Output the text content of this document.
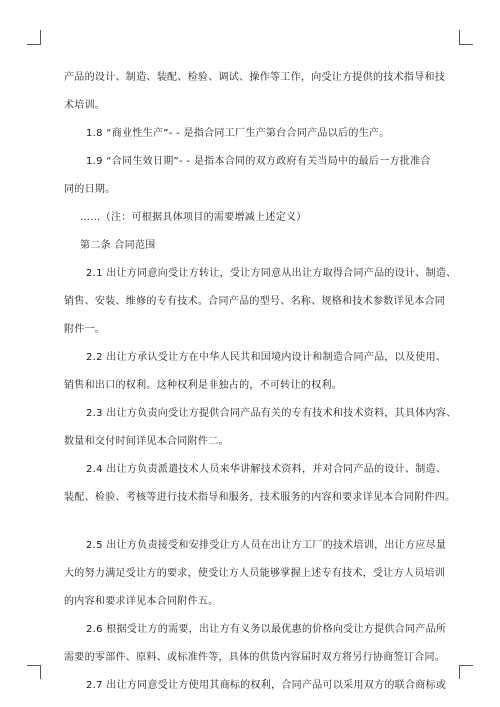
产品的设计、制造、装配、检验、调试、操作等工作，向受让方提供的技术指导和技
术培训。
1.8 “商业性生产”- - 是指合同工厂生产第台合同产品以后的生产。
1.9 “合同生效日期”- - 是指本合同的双方政府有关当局中的最后一方批准合
同的日期。
……（注：可根据具体项目的需要增减上述定义）
第二条 合同范围
2.1 出让方同意向受让方转让，受让方同意从出让方取得合同产品的设计、制造、
销售、安装、维修的专有技术。合同产品的型号、名称、规格和技术参数详见本合同
附件一。
2.2 出让方承认受让方在中华人民共和国境内设计和制造合同产品，以及使用、
销售和出口的权利。这种权利是非独占的，不可转让的权利。
2.3 出让方负责向受让方提供合同产品有关的专有技术和技术资料，其具体内容、
数量和交付时间详见本合同附件二。
2.4 出让方负责派遣技术人员来华讲解技术资料，并对合同产品的设计、制造、
装配、检验、考核等进行技术指导和服务，技术服务的内容和要求详见本合同附件四。
2.5 出让方负责接受和安排受让方人员在出让方工厂的技术培训，出让方应尽量
大的努力满足受让方的要求，使受让方人员能够掌握上述专有技术，受让方人员培训
的内容和要求详见本合同附件五。
2.6 根据受让方的需要，出让方有义务以最优惠的价格向受让方提供合同产品所
需要的零部件、原料、或标准件等，具体的供货内容届时双方将另行协商签订合同。
2.7 出让方同意受让方使用其商标的权利，合同产品可以采用双方的联合商标或
